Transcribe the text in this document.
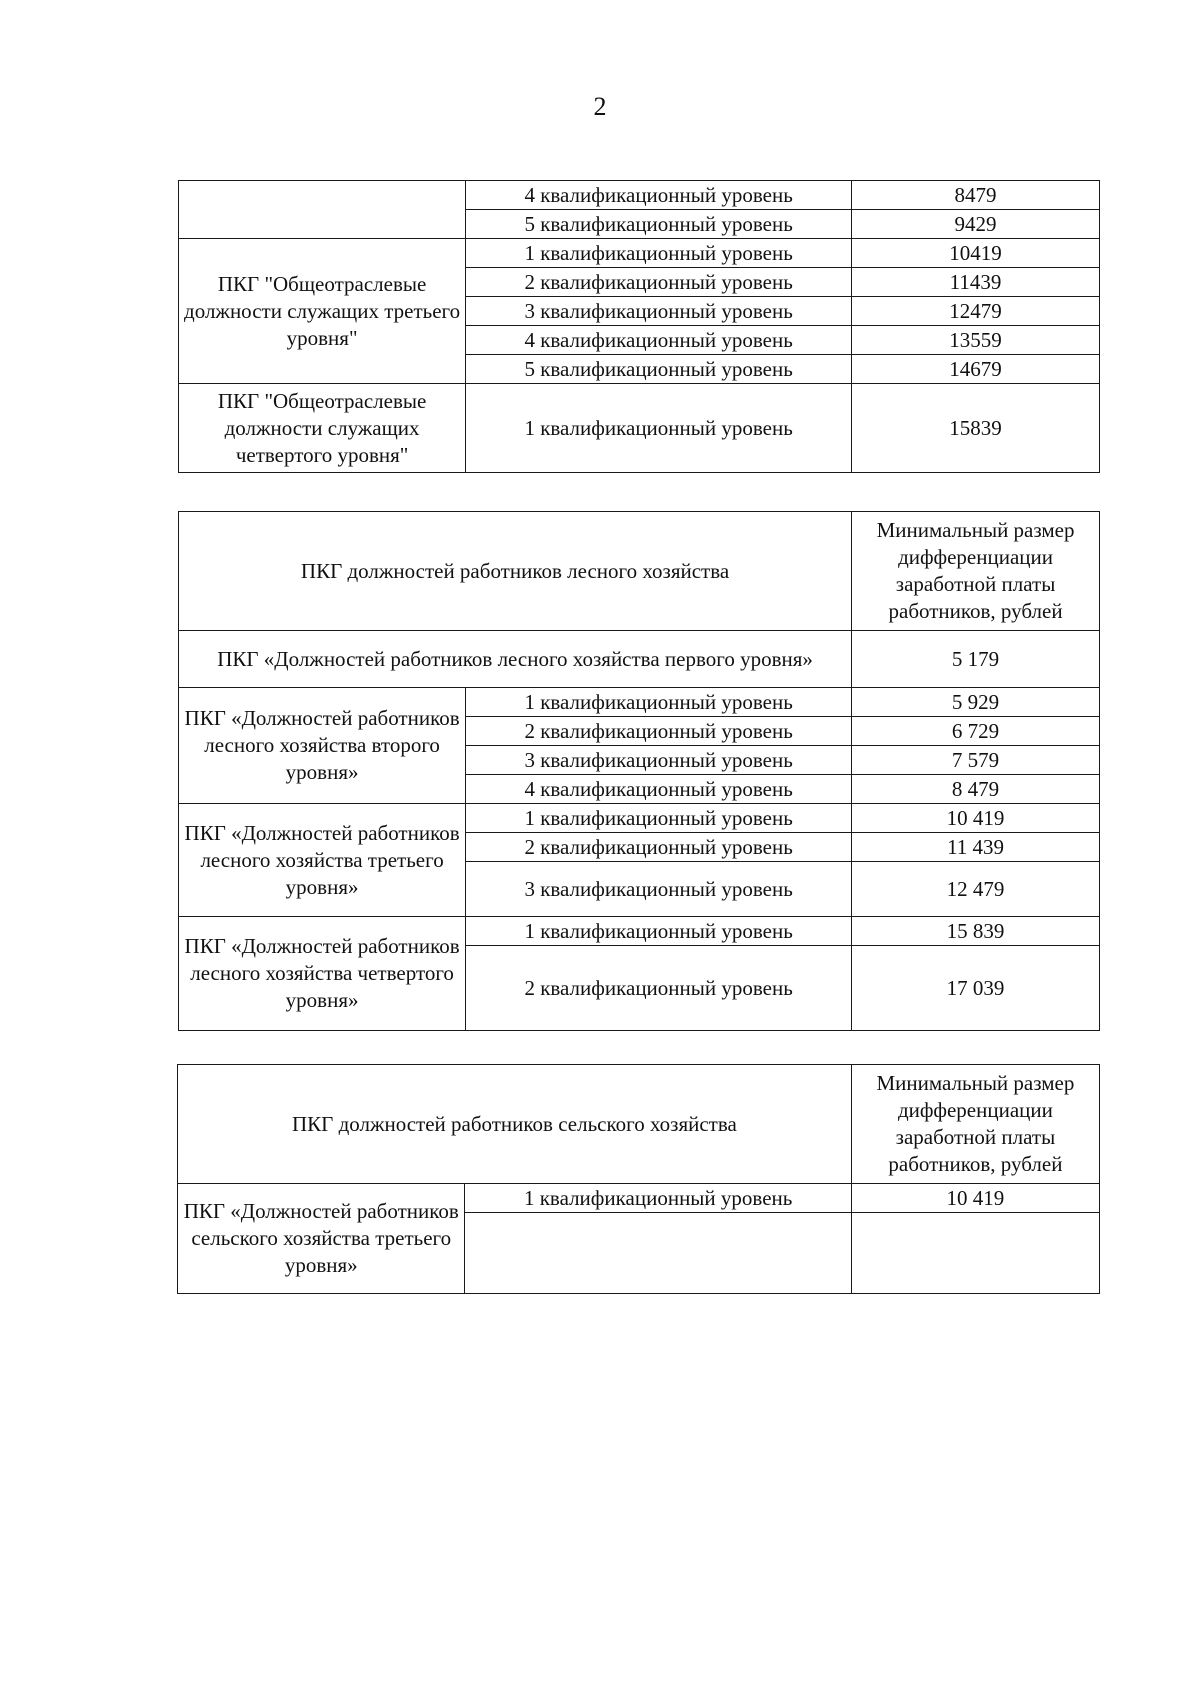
2
	4 квалификационный уровень	8479
	5 квалификационный уровень	9429
ПКГ "Общеотраслевые должности служащих третьего уровня"	1 квалификационный уровень	10419
	2 квалификационный уровень	11439
	3 квалификационный уровень	12479
	4 квалификационный уровень	13559
	5 квалификационный уровень	14679
ПКГ "Общеотраслевые должности служащих четвертого уровня"	1 квалификационный уровень	15839
ПКГ должностей работников лесного хозяйства		Минимальный размер дифференциации заработной платы работников, рублей
ПКГ «Должностей работников лесного хозяйства первого уровня»		5 179
ПКГ «Должностей работников лесного хозяйства второго уровня»	1 квалификационный уровень	5 929
	2 квалификационный уровень	6 729
	3 квалификационный уровень	7 579
	4 квалификационный уровень	8 479
ПКГ «Должностей работников лесного хозяйства третьего уровня»	1 квалификационный уровень	10 419
	2 квалификационный уровень	11 439
	3 квалификационный уровень	12 479
ПКГ «Должностей работников лесного хозяйства четвертого уровня»	1 квалификационный уровень	15 839
	2 квалификационный уровень	17 039
ПКГ должностей работников сельского хозяйства		Минимальный размер дифференциации заработной платы работников, рублей
ПКГ «Должностей работников сельского хозяйства третьего уровня»	1 квалификационный уровень	10 419
